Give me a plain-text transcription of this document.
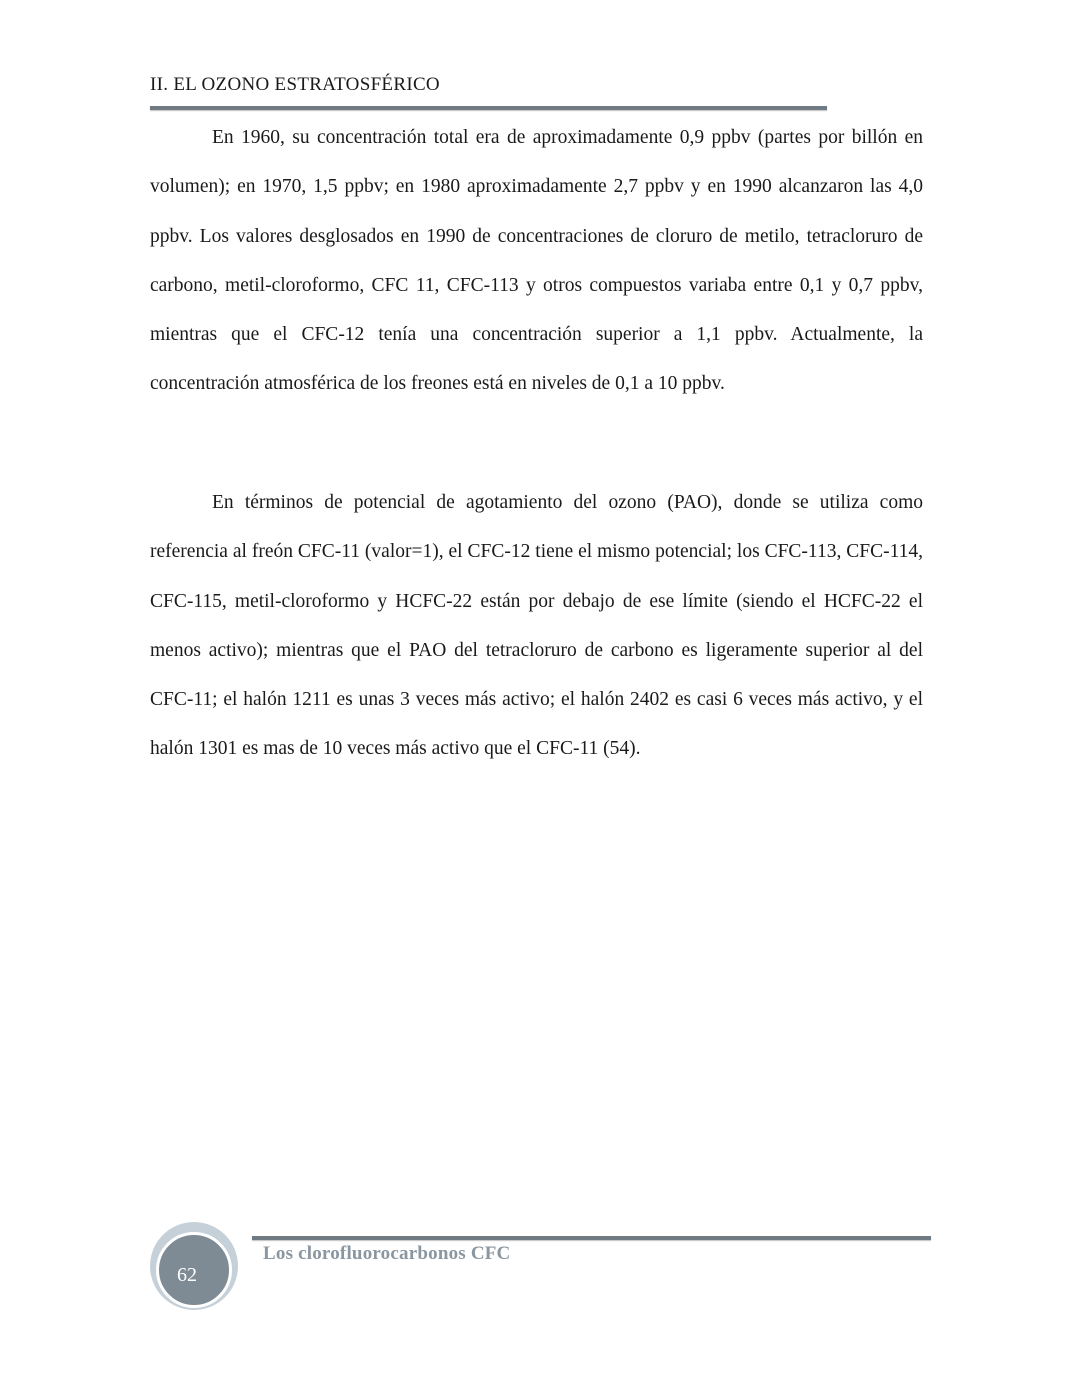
II. EL OZONO ESTRATOSFÉRICO

En 1960, su concentración total era de aproximadamente 0,9 ppbv (partes por billón en volumen); en 1970, 1,5 ppbv; en 1980 aproximadamente 2,7 ppbv y en 1990 alcanzaron las 4,0 ppbv. Los valores desglosados en 1990 de concentraciones de cloruro de metilo, tetracloruro de carbono, metil-cloroformo, CFC 11, CFC-113 y otros compuestos variaba entre 0,1 y 0,7 ppbv, mientras que el CFC-12 tenía una concentración superior a 1,1 ppbv. Actualmente, la concentración atmosférica de los freones está en niveles de 0,1 a 10 ppbv.

En términos de potencial de agotamiento del ozono (PAO), donde se utiliza como referencia al freón CFC-11 (valor=1), el CFC-12 tiene el mismo potencial; los CFC-113, CFC-114, CFC-115, metil-cloroformo y HCFC-22 están por debajo de ese límite (siendo el HCFC-22 el menos activo); mientras que el PAO del tetracloruro de carbono es ligeramente superior al del CFC-11; el halón 1211 es unas 3 veces más activo; el halón 2402 es casi 6 veces más activo, y el halón 1301 es mas de 10 veces más activo que el CFC-11 (54).

62
Los clorofluorocarbonos CFC
